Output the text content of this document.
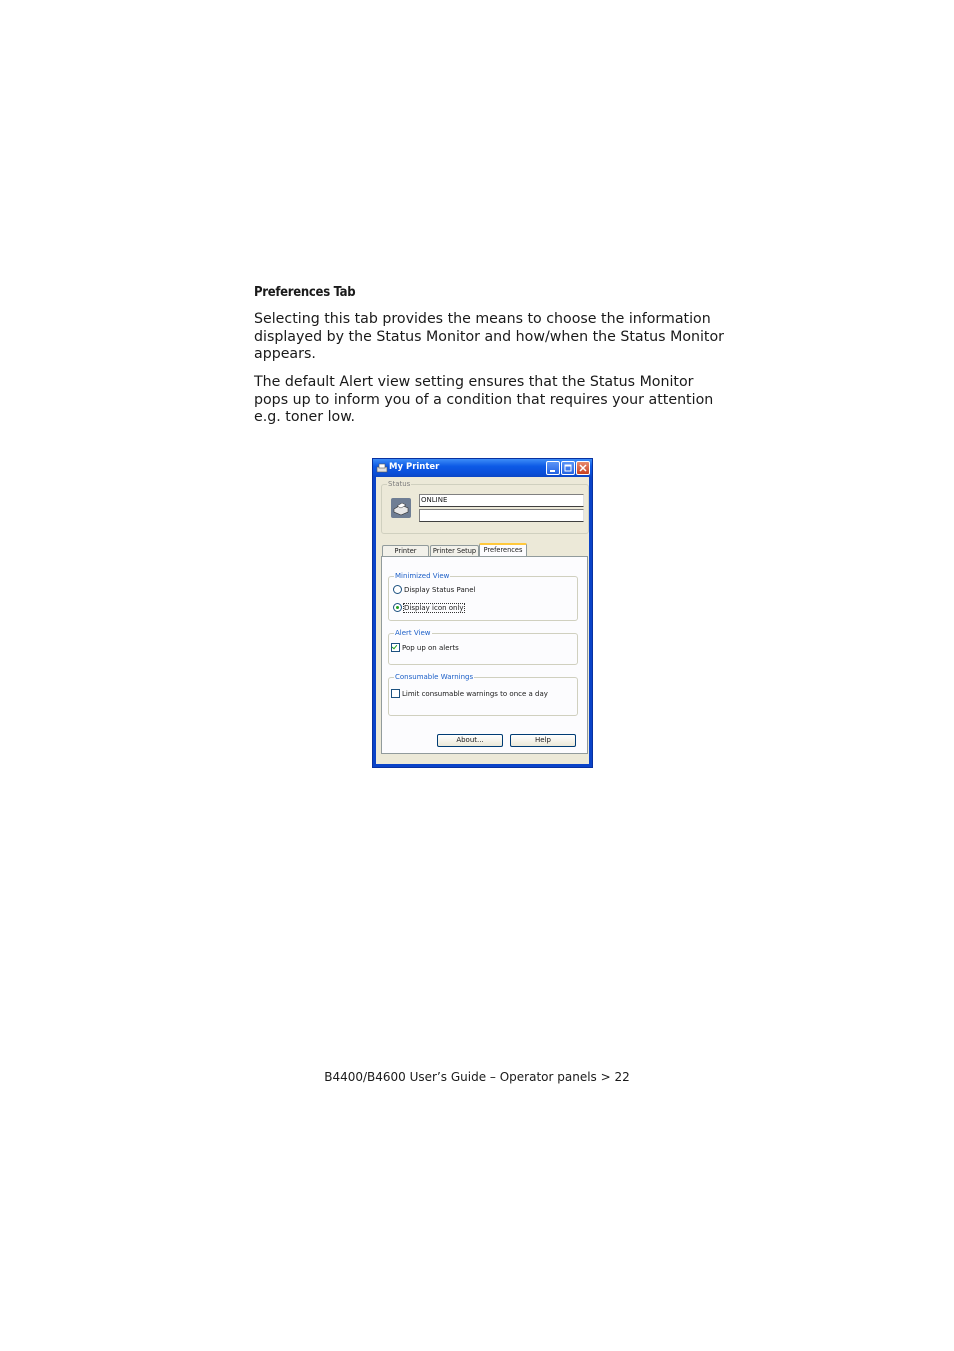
Preferences Tab

Selecting this tab provides the means to choose the information displayed by the Status Monitor and how/when the Status Monitor appears.

The default Alert view setting ensures that the Status Monitor pops up to inform you of a condition that requires your attention e.g. toner low.

My Printer
Status
ONLINE
Printer	Printer Setup	Preferences
Minimized View
Display Status Panel
Display icon only
Alert View
Pop up on alerts
Consumable Warnings
Limit consumable warnings to once a day
About...	Help
B4400/B4600 User’s Guide – Operator panels > 22
